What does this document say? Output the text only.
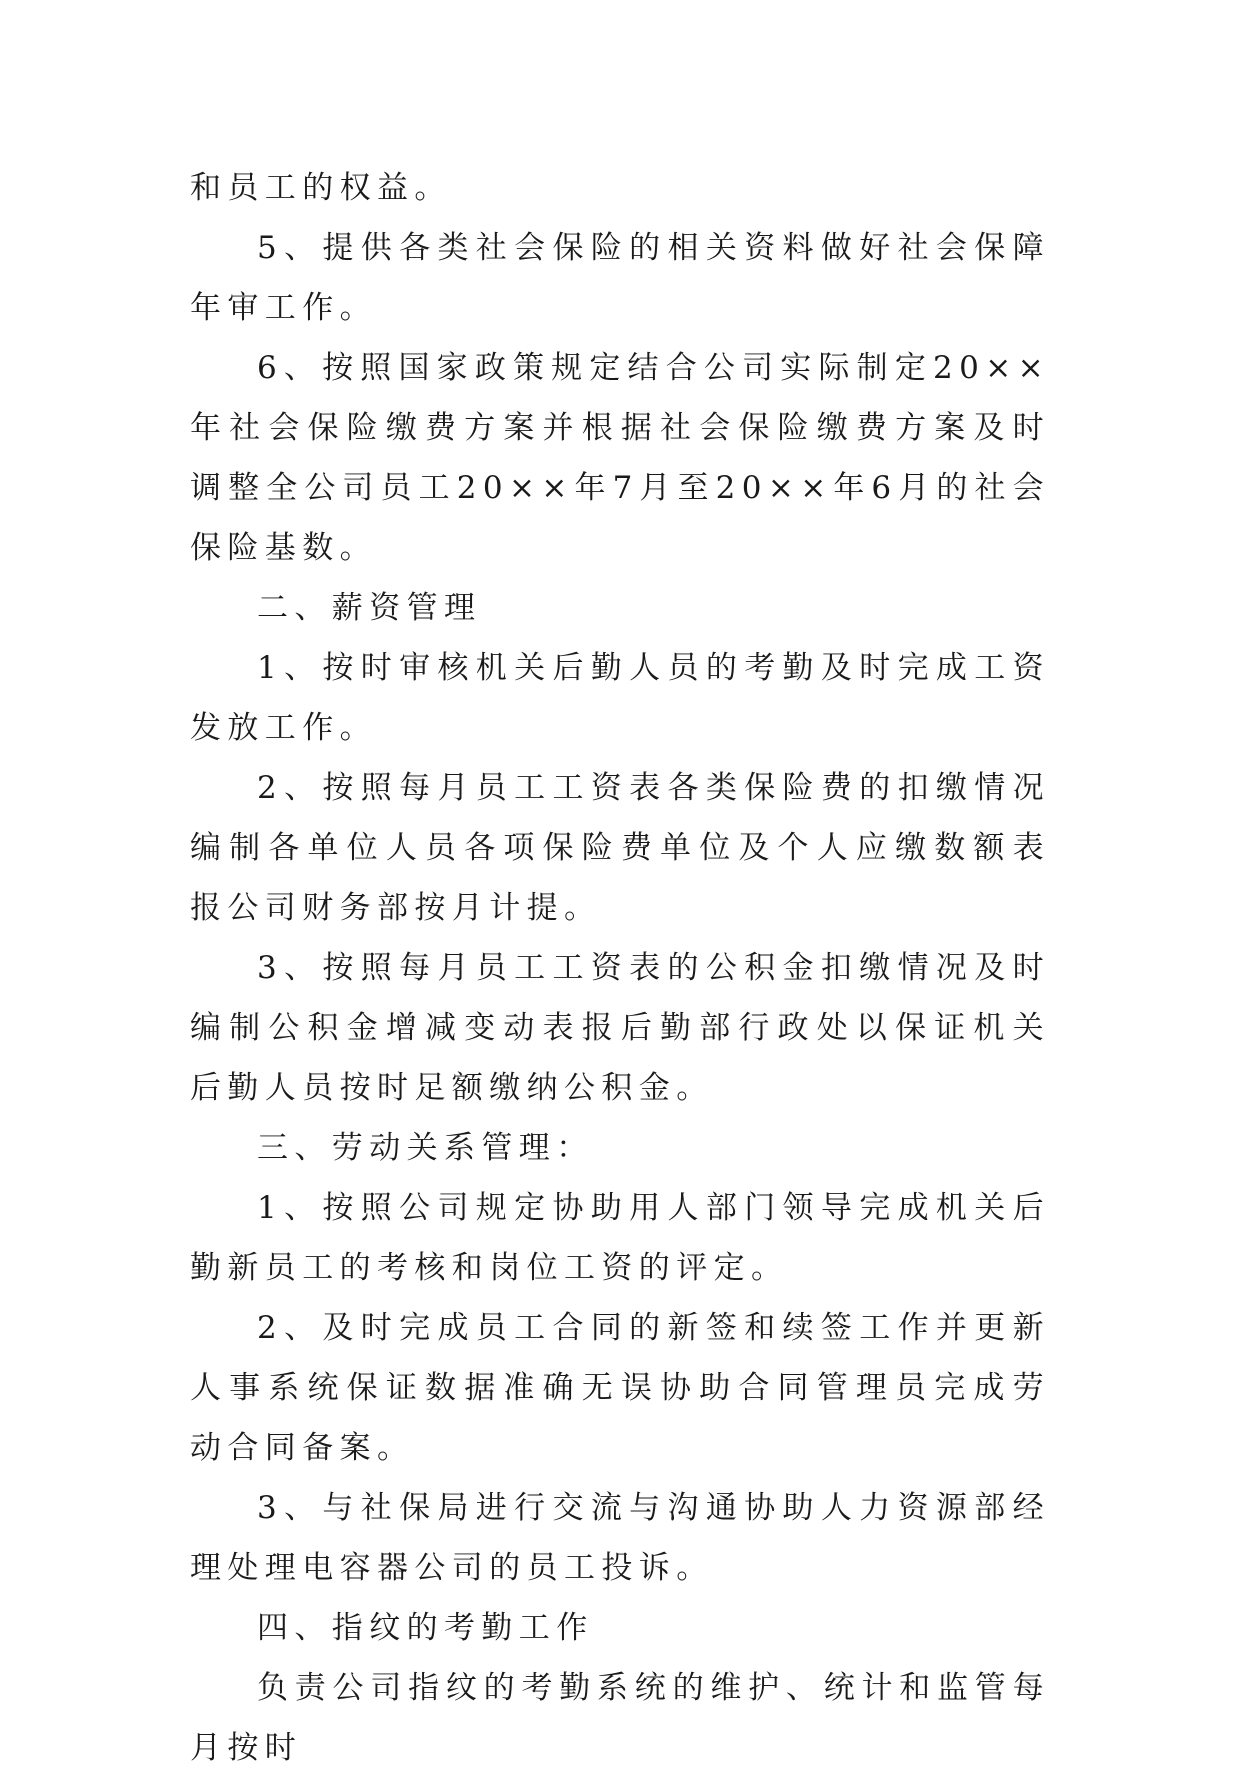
和员工的权益。

5、提供各类社会保险的相关资料做好社会保障年审工作。

6、按照国家政策规定结合公司实际制定20××年社会保险缴费方案并根据社会保险缴费方案及时调整全公司员工20××年7月至20××年6月的社会保险基数。

二、薪资管理

1、按时审核机关后勤人员的考勤及时完成工资发放工作。

2、按照每月员工工资表各类保险费的扣缴情况编制各单位人员各项保险费单位及个人应缴数额表报公司财务部按月计提。

3、按照每月员工工资表的公积金扣缴情况及时编制公积金增减变动表报后勤部行政处以保证机关后勤人员按时足额缴纳公积金。

三、劳动关系管理：

1、按照公司规定协助用人部门领导完成机关后勤新员工的考核和岗位工资的评定。

2、及时完成员工合同的新签和续签工作并更新人事系统保证数据准确无误协助合同管理员完成劳动合同备案。

3、与社保局进行交流与沟通协助人力资源部经理处理电容器公司的员工投诉。

四、指纹的考勤工作

负责公司指纹的考勤系统的维护、统计和监管每月按时
